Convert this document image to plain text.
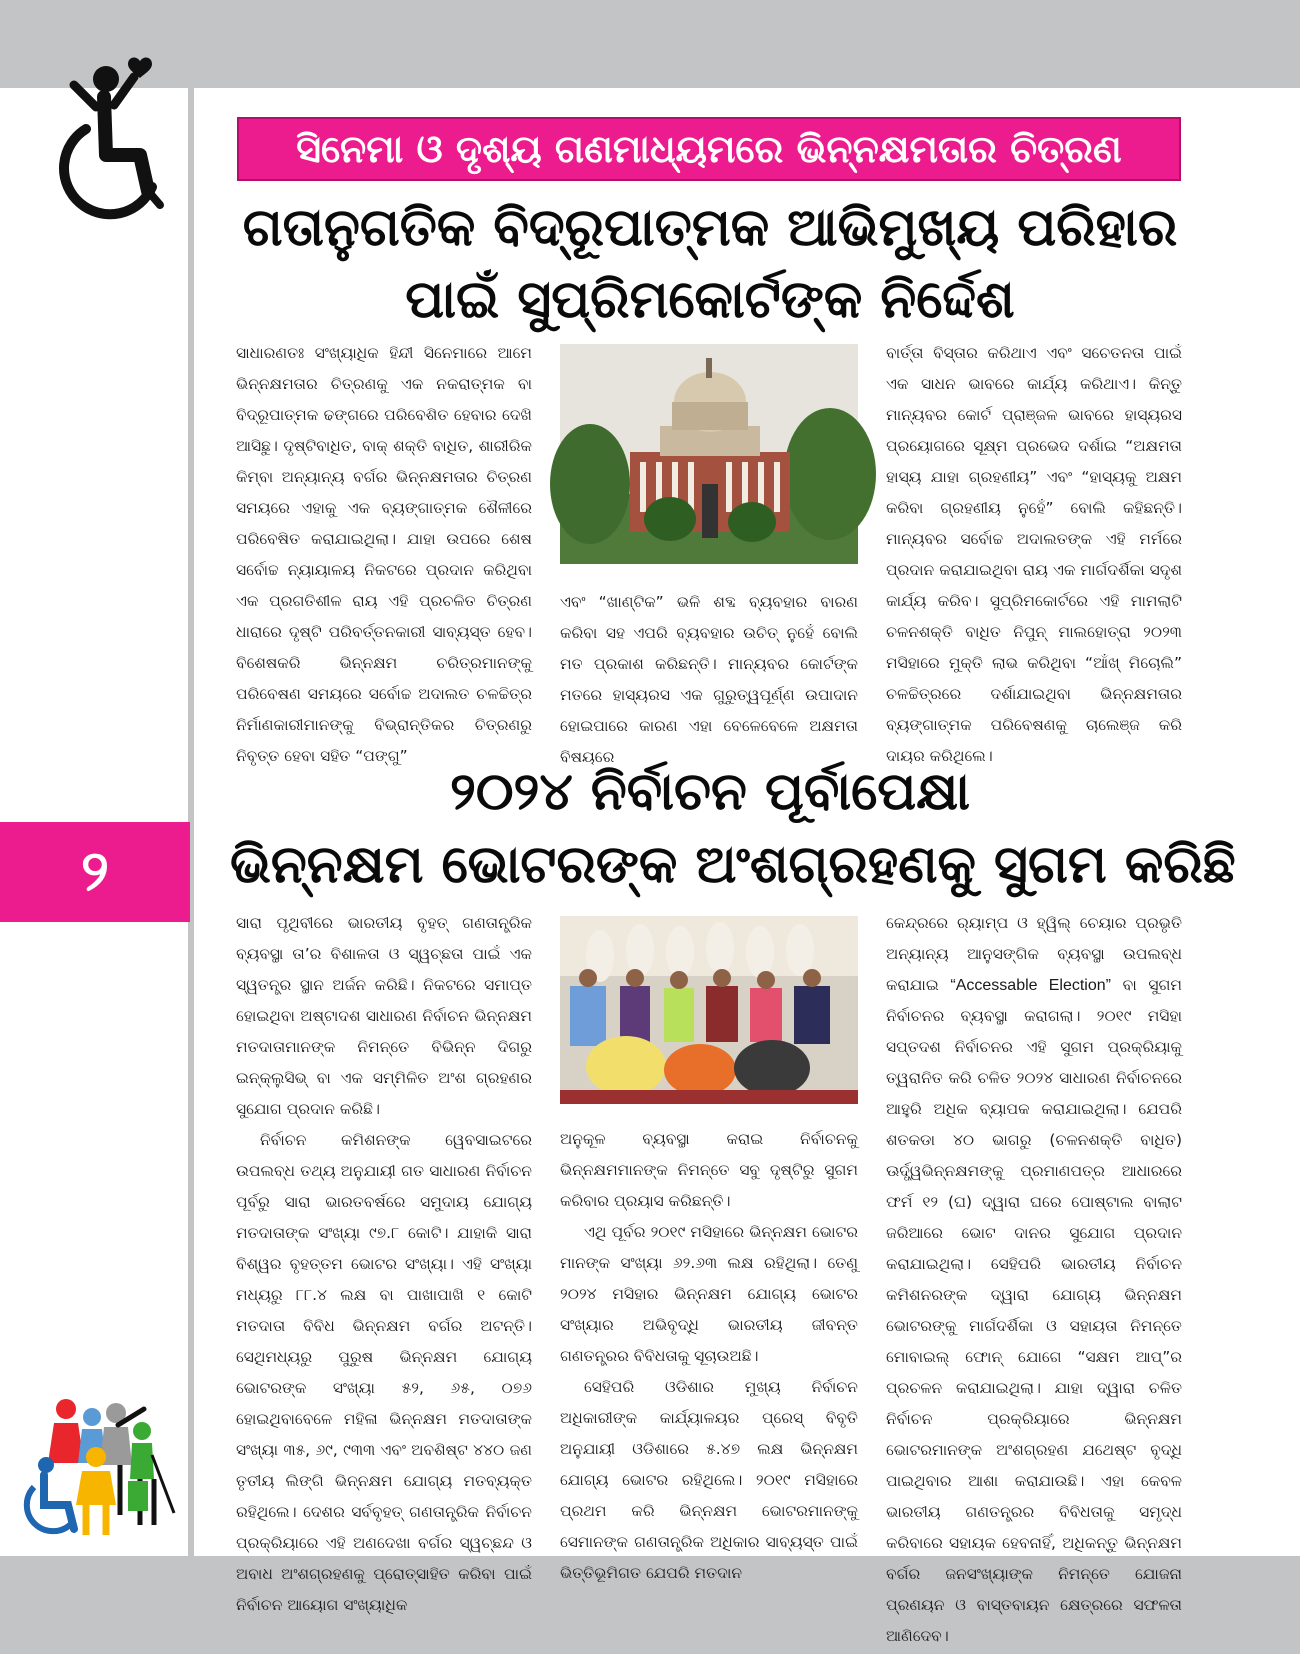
୨
ସିନେମା ଓ ଦୃଶ୍ୟ ଗଣମାଧ୍ୟମରେ ଭିନ୍ନକ୍ଷମତାର ଚିତ୍ରଣ
ଗତାନୁଗତିକ ବିଦ୍ରୂପାତ୍ମକ ଆଭିମୁଖ୍ୟ ପରିହାର
ପାଇଁ ସୁପ୍ରିମକୋର୍ଟଙ୍କ ନିର୍ଦ୍ଦେଶ

ସାଧାରଣତଃ ସଂଖ୍ୟାଧିକ ହିନ୍ଦୀ ସିନେମାରେ ଆମେ ଭିନ୍ନକ୍ଷମତାର ଚିତ୍ରଣକୁ ଏକ ନକରାତ୍ମକ ବା ବିଦ୍ରୂପାତ୍ମକ ଢଙ୍ଗରେ ପରିବେଶିତ ହେବାର ଦେଖି ଆସିଛୁ। ଦୃଷ୍ଟିବାଧିତ, ବାକ୍ ଶକ୍ତି ବାଧିତ, ଶାରୀରିକ କିମ୍ବା ଅନ୍ୟାନ୍ୟ ବର୍ଗର ଭିନ୍ନକ୍ଷମତାର ଚିତ୍ରଣ ସମୟରେ ଏହାକୁ ଏକ ବ୍ୟଙ୍ଗାତ୍ମକ ଶୈଳୀରେ ପରିବେଷିତ କରାଯାଇଥିଲା। ଯାହା ଉପରେ ଶେଷ ସର୍ବୋଚ୍ଚ ନ୍ୟାୟାଳୟ ନିକଟରେ ପ୍ରଦାନ କରିଥିବା ଏକ ପ୍ରଗତିଶୀଳ ରାୟ ଏହି ପ୍ରଚଳିତ ଚିତ୍ରଣ ଧାରାରେ ଦୃଷ୍ଟି ପରିବର୍ତ୍ତନକାରୀ ସାବ୍ୟସ୍ତ ହେବ। ବିଶେଷକରି ଭିନ୍ନକ୍ଷମ ଚରିତ୍ରମାନଙ୍କୁ ପରିବେଷଣ ସମୟରେ ସର୍ବୋଚ୍ଚ ଅଦାଲତ ଚଳଚ୍ଚିତ୍ର ନିର୍ମାଣକାରୀମାନଙ୍କୁ ବିଭ୍ରାନ୍ତିକର ଚିତ୍ରଣରୁ ନିବୃତ୍ତ ହେବା ସହିତ “ପଙ୍ଗୁ”

ଏବଂ “ଖାଣ୍ଟିକ” ଭଳି ଶବ୍ଦ ବ୍ୟବହାର ବାରଣ କରିବା ସହ ଏପରି ବ୍ୟବହାର ଉଚିତ୍ ନୁହେଁ ବୋଲି ମତ ପ୍ରକାଶ କରିଛନ୍ତି। ମାନ୍ୟବର କୋର୍ଟଙ୍କ ମତରେ ହାସ୍ୟରସ ଏକ ଗୁରୁତ୍ୱପୂର୍ଣ୍ଣ ଉପାଦାନ ହୋଇପାରେ କାରଣ ଏହା ବେଳେବେଳେ ଅକ୍ଷମତା ବିଷୟରେ

ବାର୍ତ୍ତା ବିସ୍ତାର କରିଥାଏ ଏବଂ ସଚେତନତା ପାଇଁ ଏକ ସାଧନ ଭାବରେ କାର୍ଯ୍ୟ କରିଥାଏ। କିନ୍ତୁ ମାନ୍ୟବର କୋର୍ଟ ପ୍ରାଞ୍ଜଳ ଭାବରେ ହାସ୍ୟରସ ପ୍ରୟୋଗରେ ସୂକ୍ଷ୍ମ ପ୍ରଭେଦ ଦର୍ଶାଇ “ଅକ୍ଷମତା ହାସ୍ୟ ଯାହା ଗ୍ରହଣୀୟ” ଏବଂ “ହାସ୍ୟକୁ ଅକ୍ଷମ କରିବା ଗ୍ରହଣୀୟ ନୁହେଁ” ବୋଲି କହିଛନ୍ତି। ମାନ୍ୟବର ସର୍ବୋଚ୍ଚ ଅଦାଲତଙ୍କ ଏହି ମର୍ମରେ ପ୍ରଦାନ କରାଯାଇଥିବା ରାୟ ଏକ ମାର୍ଗଦର୍ଶିକା ସଦୃଶ କାର୍ଯ୍ୟ କରିବ। ସୁପ୍ରିମକୋର୍ଟରେ ଏହି ମାମଲାଟି ଚଳନଶକ୍ତି ବାଧିତ ନିପୁନ୍ ମାଲହୋତ୍ରା ୨୦୨୩ ମସିହାରେ ମୁକ୍ତି ଲାଭ କରିଥିବା “ଆଁଖ୍ ମିଚୋଲି” ଚଳଚ୍ଚିତ୍ରରେ ଦର୍ଶାଯାଇଥିବା ଭିନ୍ନକ୍ଷମତାର ବ୍ୟଙ୍ଗାତ୍ମକ ପରିବେଷଣକୁ ଚାଲେଞ୍ଜ କରି ଦାୟର କରିଥିଲେ।

୨୦୨୪ ନିର୍ବାଚନ ପୂର୍ବାପେକ୍ଷା
ଭିନ୍ନକ୍ଷମ ଭୋଟରଙ୍କ ଅଂଶଗ୍ରହଣକୁ ସୁଗମ କରିଛି

ସାରା ପୃଥିବୀରେ ଭାରତୀୟ ବୃହତ୍ ଗଣତାନ୍ତ୍ରିକ ବ୍ୟବସ୍ଥା ତା’ର ବିଶାଳତା ଓ ସ୍ୱଚ୍ଛତା ପାଇଁ ଏକ ସ୍ୱତନ୍ତ୍ର ସ୍ଥାନ ଅର୍ଜନ କରିଛି। ନିକଟରେ ସମାପ୍ତ ହୋଇଥିବା ଅଷ୍ଟାଦଶ ସାଧାରଣ ନିର୍ବାଚନ ଭିନ୍ନକ୍ଷମ ମତଦାତାମାନଙ୍କ ନିମନ୍ତେ ବିଭିନ୍ନ ଦିଗରୁ ଇନ୍‌କ୍ଲୁସିଭ୍ ବା ଏକ ସମ୍ମିଳିତ ଅଂଶ ଗ୍ରହଣର ସୁଯୋଗ ପ୍ରଦାନ କରିଛି।

ନିର୍ବାଚନ କମିଶନଙ୍କ ୱେବସାଇଟରେ ଉପଲବ୍ଧ ତଥ୍ୟ ଅନୁଯାୟୀ ଗତ ସାଧାରଣ ନିର୍ବାଚନ ପୂର୍ବରୁ ସାରା ଭାରତବର୍ଷରେ ସମୁଦାୟ ଯୋଗ୍ୟ ମତଦାତାଙ୍କ ସଂଖ୍ୟା ୯୭.୮ କୋଟି। ଯାହାକି ସାରା ବିଶ୍ୱର ବୃହତ୍ତମ ଭୋଟର ସଂଖ୍ୟା। ଏହି ସଂଖ୍ୟା ମଧ୍ୟରୁ ୮୮.୪ ଲକ୍ଷ ବା ପାଖାପାଖି ୧ କୋଟି ମତଦାତା ବିବିଧ ଭିନ୍ନକ୍ଷମ ବର୍ଗର ଅଟନ୍ତି। ସେଥିମଧ୍ୟରୁ ପୁରୁଷ ଭିନ୍ନକ୍ଷମ ଯୋଗ୍ୟ ଭୋଟରଙ୍କ ସଂଖ୍ୟା ୫୨, ୬୫, ୦୭୬ ହୋଇଥିବାବେଳେ ମହିଳା ଭିନ୍ନକ୍ଷମ ମତଦାତାଙ୍କ ସଂଖ୍ୟା ୩୫, ୬୯, ୯୩୩ ଏବଂ ଅବଶିଷ୍ଟ ୪୪୦ ଜଣ ତୃତୀୟ ଲିଙ୍ଗି ଭିନ୍ନକ୍ଷମ ଯୋଗ୍ୟ ମତବ୍ୟକ୍ତ ରହିଥିଲେ। ଦେଶର ସର୍ବବୃହତ୍ ଗଣତାନ୍ତ୍ରିକ ନିର୍ବାଚନ ପ୍ରକ୍ରିୟାରେ ଏହି ଅଣଦେଖା ବର୍ଗର ସ୍ୱଚ୍ଛନ୍ଦ ଓ ଅବାଧ ଅଂଶଗ୍ରହଣକୁ ପ୍ରୋତ୍ସାହିତ କରିବା ପାଇଁ ନିର୍ବାଚନ ଆୟୋଗ ସଂଖ୍ୟାଧିକ

ଅନୁକୂଳ ବ୍ୟବସ୍ଥା କରାଇ ନିର୍ବାଚନକୁ ଭିନ୍ନକ୍ଷମମାନଙ୍କ ନିମନ୍ତେ ସବୁ ଦୃଷ୍ଟିରୁ ସୁଗମ କରିବାର ପ୍ରୟାସ କରିଛନ୍ତି।

ଏଥି ପୂର୍ବର ୨୦୧୯ ମସିହାରେ ଭିନ୍ନକ୍ଷମ ଭୋଟର ମାନଙ୍କ ସଂଖ୍ୟା ୬୨.୬୩ ଲକ୍ଷ ରହିଥିଲା। ତେଣୁ ୨୦୨୪ ମସିହାର ଭିନ୍ନକ୍ଷମ ଯୋଗ୍ୟ ଭୋଟର ସଂଖ୍ୟାର ଅଭିବୃଦ୍ଧି ଭାରତୀୟ ଜୀବନ୍ତ ଗଣତନ୍ତ୍ରର ବିବିଧତାକୁ ସୂଚାଉଅଛି।

ସେହିପରି ଓଡିଶାର ମୁଖ୍ୟ ନିର୍ବାଚନ ଅଧିକାରୀଙ୍କ କାର୍ଯ୍ୟାଳୟର ପ୍ରେସ୍ ବିବୃତି ଅନୁଯାୟୀ ଓଡିଶାରେ ୫.୪୭ ଲକ୍ଷ ଭିନ୍ନକ୍ଷମ ଯୋଗ୍ୟ ଭୋଟର ରହିଥିଲେ। ୨୦୧୯ ମସିହାରେ ପ୍ରଥମ କରି ଭିନ୍ନକ୍ଷମ ଭୋଟରମାନଙ୍କୁ ସେମାନଙ୍କ ଗଣତାନ୍ତ୍ରିକ ଅଧିକାର ସାବ୍ୟସ୍ତ ପାଇଁ ଭିତ୍ତିଭୂମିଗତ ଯେପରି ମତଦାନ

କେନ୍ଦ୍ରରେ ର୍‍ୟାମ୍ପ ଓ ହ୍ୱିଲ୍ ଚେୟାର ପ୍ରଭୃତି ଅନ୍ୟାନ୍ୟ ଆନୁସଙ୍ଗିକ ବ୍ୟବସ୍ଥା ଉପଲବ୍ଧ କରାଯାଇ “Accessable Election” ବା ସୁଗମ ନିର୍ବାଚନର ବ୍ୟବସ୍ଥା କରାଗଲା। ୨୦୧୯ ମସିହା ସପ୍ତଦଶ ନିର୍ବାଚନର ଏହି ସୁଗମ ପ୍ରକ୍ରିୟାକୁ ତ୍ୱରାନିତ କରି ଚଳିତ ୨୦୨୪ ସାଧାରଣ ନିର୍ବାଚନରେ ଆହୁରି ଅଧିକ ବ୍ୟାପକ କରାଯାଇଥିଲା। ଯେପରି ଶତକଡା ୪୦ ଭାଗରୁ (ଚଳନଶକ୍ତି ବାଧିତ) ଊର୍ଦ୍ଧ୍ୱଭିନ୍ନକ୍ଷମଙ୍କୁ ପ୍ରମାଣପତ୍ର ଆଧାରରେ ଫର୍ମ ୧୨ (ଘ) ଦ୍ୱାରା ଘରେ ପୋଷ୍ଟାଲ ବାଲାଟ ଜରିଆରେ ଭୋଟ ଦାନର ସୁଯୋଗ ପ୍ରଦାନ କରାଯାଇଥିଲା। ସେହିପରି ଭାରତୀୟ ନିର୍ବାଚନ କମିଶନରଙ୍କ ଦ୍ୱାରା ଯୋଗ୍ୟ ଭିନ୍ନକ୍ଷମ ଭୋଟରଙ୍କୁ ମାର୍ଗଦର୍ଶିକା ଓ ସହାୟତା ନିମନ୍ତେ ମୋବାଇଲ୍ ଫୋନ୍ ଯୋଗେ “ସକ୍ଷମ ଆପ୍”ର ପ୍ରଚଳନ କରାଯାଇଥିଲା। ଯାହା ଦ୍ୱାରା ଚଳିତ ନିର୍ବାଚନ ପ୍ରକ୍ରିୟାରେ ଭିନ୍ନକ୍ଷମ ଭୋଟରମାନଙ୍କ ଅଂଶଗ୍ରହଣ ଯଥେଷ୍ଟ ବୃଦ୍ଧି ପାଇଥିବାର ଆଶା କରାଯାଉଛି। ଏହା କେବଳ ଭାରତୀୟ ଗଣତନ୍ତ୍ରର ବିବିଧତାକୁ ସମୃଦ୍ଧ କରିବାରେ ସହାୟକ ହେବନାହିଁ, ଅଧିକନ୍ତୁ ଭିନ୍ନକ୍ଷମ ବର୍ଗର ଜନସଂଖ୍ୟାଙ୍କ ନିମନ୍ତେ ଯୋଜନା ପ୍ରଣୟନ ଓ ବାସ୍ତବାୟନ କ୍ଷେତ୍ରରେ ସଫଳତା ଆଣିଦେବ।
